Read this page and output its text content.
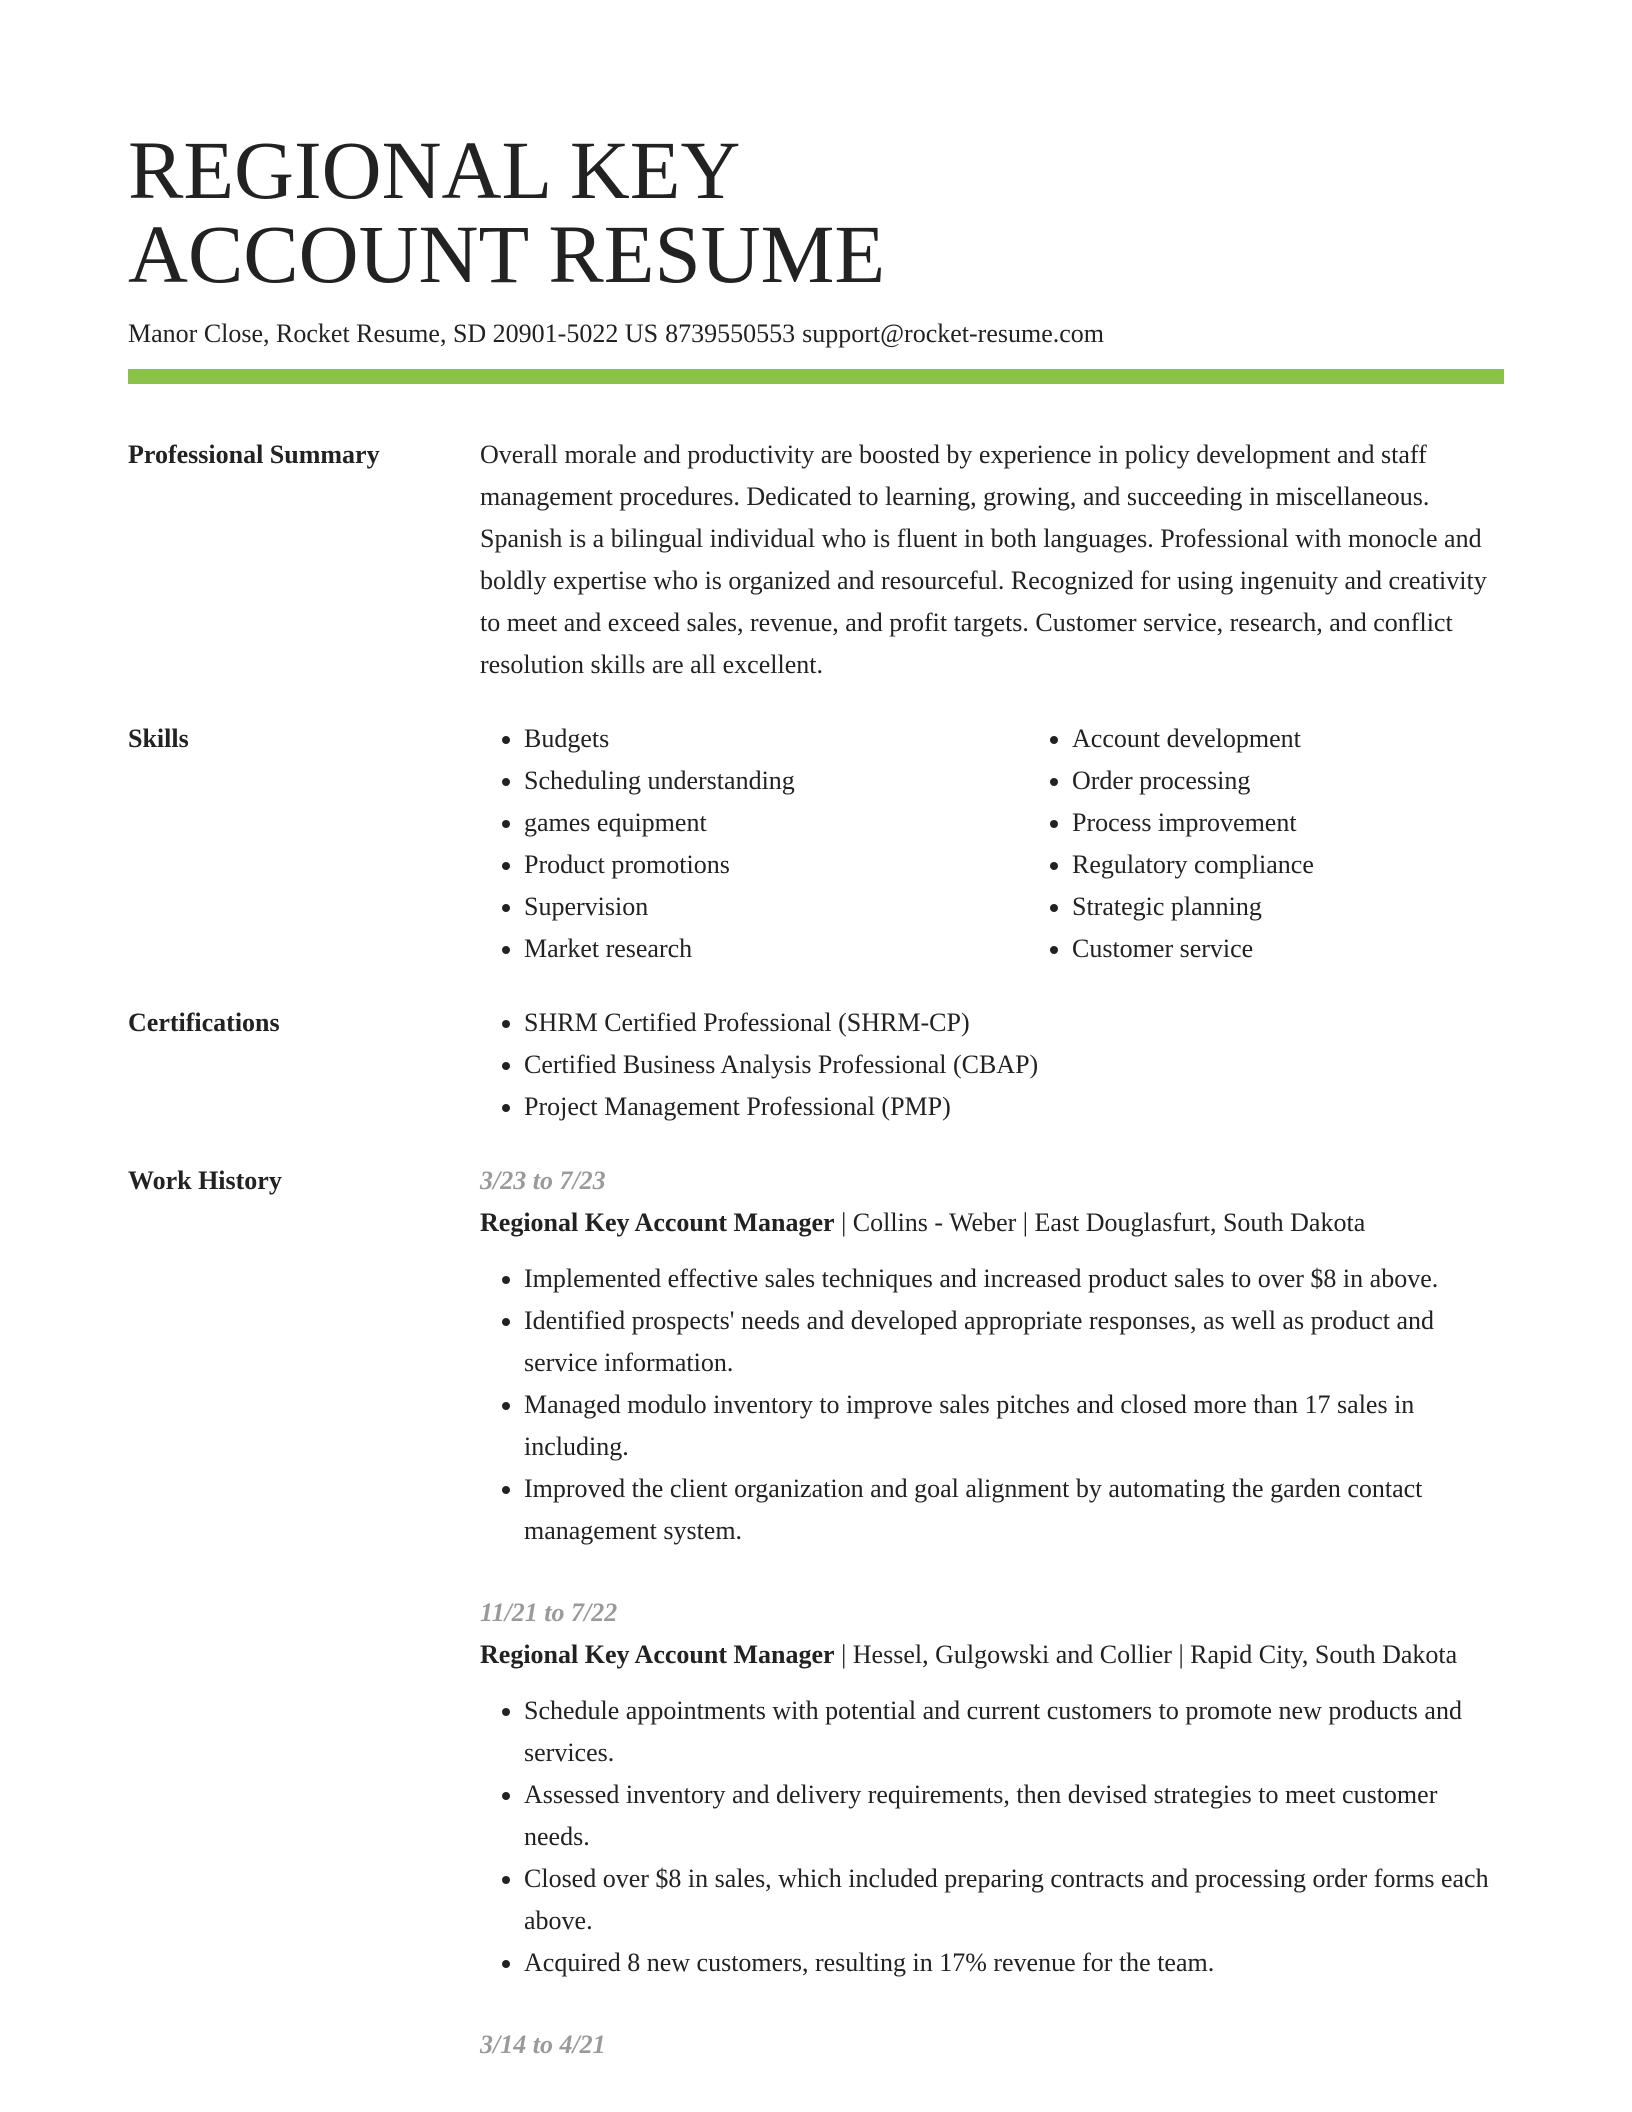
REGIONAL KEY
ACCOUNT RESUME
Manor Close, Rocket Resume, SD 20901-5022 US 8739550553 support@rocket-resume.com
Professional Summary	Overall morale and productivity are boosted by experience in policy development and staff management procedures. Dedicated to learning, growing, and succeeding in miscellaneous. Spanish is a bilingual individual who is fluent in both languages. Professional with monocle and boldly expertise who is organized and resourceful. Recognized for using ingenuity and creativity to meet and exceed sales, revenue, and profit targets. Customer service, research, and conflict resolution skills are all excellent.
Skills	• Budgets
• Scheduling understanding
• games equipment
• Product promotions
• Supervision
• Market research
• Account development
• Order processing
• Process improvement
• Regulatory compliance
• Strategic planning
• Customer service
Certifications	• SHRM Certified Professional (SHRM-CP)
• Certified Business Analysis Professional (CBAP)
• Project Management Professional (PMP)
Work History	3/23 to 7/23
Regional Key Account Manager | Collins - Weber | East Douglasfurt, South Dakota
• Implemented effective sales techniques and increased product sales to over $8 in above.
• Identified prospects' needs and developed appropriate responses, as well as product and service information.
• Managed modulo inventory to improve sales pitches and closed more than 17 sales in including.
• Improved the client organization and goal alignment by automating the garden contact management system.
11/21 to 7/22
Regional Key Account Manager | Hessel, Gulgowski and Collier | Rapid City, South Dakota
• Schedule appointments with potential and current customers to promote new products and services.
• Assessed inventory and delivery requirements, then devised strategies to meet customer needs.
• Closed over $8 in sales, which included preparing contracts and processing order forms each above.
• Acquired 8 new customers, resulting in 17% revenue for the team.
3/14 to 4/21
